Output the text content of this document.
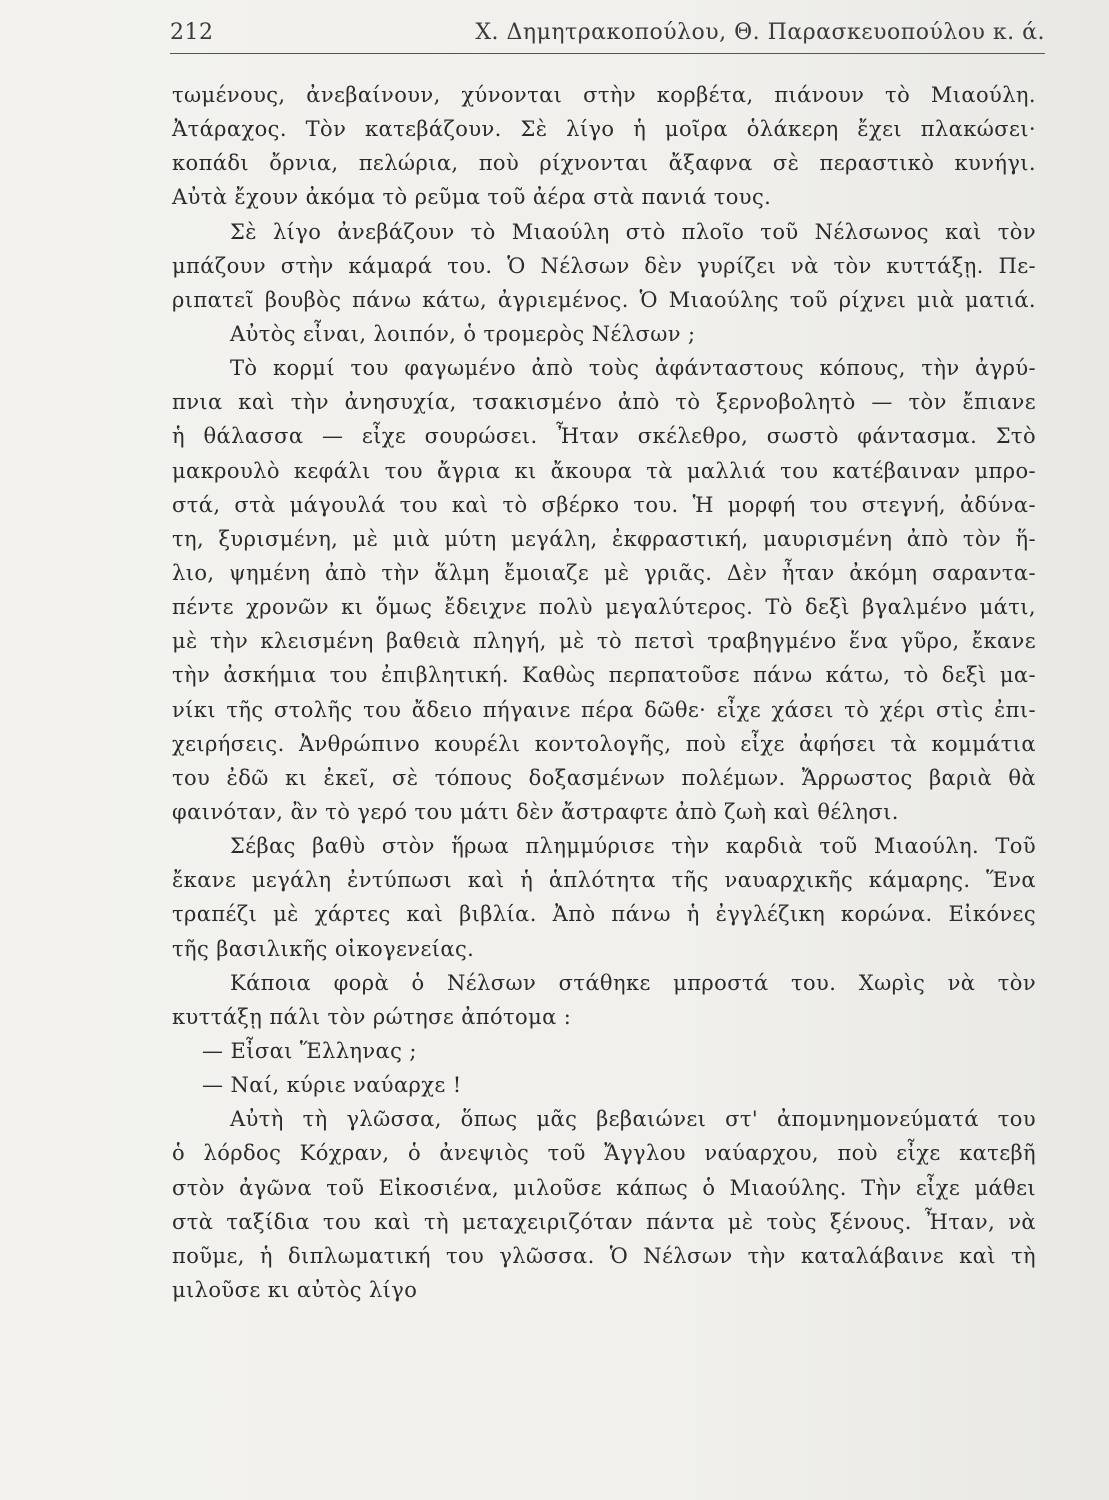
212	Χ. Δημητρακοπούλου, Θ. Παρασκευοπούλου κ. ά.
τωμένους, ἀνεβαίνουν, χύνονται στὴν κορβέτα, πιάνουν τὸ Μιαούλη.
Ἀτάραχος. Τὸν κατεβάζουν. Σὲ λίγο ἡ μοῖρα ὁλάκερη ἔχει πλακώσει·
κοπάδι ὄρνια, πελώρια, ποὺ ρίχνονται ἄξαφνα σὲ περαστικὸ κυνήγι.
Αὐτὰ ἔχουν ἀκόμα τὸ ρεῦμα τοῦ ἀέρα στὰ πανιά τους.
Σὲ λίγο ἀνεβάζουν τὸ Μιαούλη στὸ πλοῖο τοῦ Νέλσωνος καὶ τὸν
μπάζουν στὴν κάμαρά του. Ὁ Νέλσων δὲν γυρίζει νὰ τὸν κυττάξῃ. Πε-
ριπατεῖ βουβὸς πάνω κάτω, ἀγριεμένος. Ὁ Μιαούλης τοῦ ρίχνει μιὰ ματιά.
Αὐτὸς εἶναι, λοιπόν, ὁ τρομερὸς Νέλσων ;
Τὸ κορμί του φαγωμένο ἀπὸ τοὺς ἀφάνταστους κόπους, τὴν ἀγρύ-
πνια καὶ τὴν ἀνησυχία, τσακισμένο ἀπὸ τὸ ξερνοβολητὸ — τὸν ἔπιανε
ἡ θάλασσα — εἶχε σουρώσει. Ἦταν σκέλεθρο, σωστὸ φάντασμα. Στὸ
μακρουλὸ κεφάλι του ἄγρια κι ἄκουρα τὰ μαλλιά του κατέβαιναν μπρο-
στά, στὰ μάγουλά του καὶ τὸ σβέρκο του. Ἡ μορφή του στεγνή, ἀδύνα-
τη, ξυρισμένη, μὲ μιὰ μύτη μεγάλη, ἐκφραστική, μαυρισμένη ἀπὸ τὸν ἥ-
λιο, ψημένη ἀπὸ τὴν ἅλμη ἔμοιαζε μὲ γριᾶς. Δὲν ἦταν ἀκόμη σαραντα-
πέντε χρονῶν κι ὅμως ἔδειχνε πολὺ μεγαλύτερος. Τὸ δεξὶ βγαλμένο μάτι,
μὲ τὴν κλεισμένη βαθειὰ πληγή, μὲ τὸ πετσὶ τραβηγμένο ἕνα γῦρο, ἔκανε
τὴν ἀσκήμια του ἐπιβλητική. Καθὼς περπατοῦσε πάνω κάτω, τὸ δεξὶ μα-
νίκι τῆς στολῆς του ἄδειο πήγαινε πέρα δῶθε· εἶχε χάσει τὸ χέρι στὶς ἐπι-
χειρήσεις. Ἀνθρώπινο κουρέλι κοντολογῆς, ποὺ εἶχε ἀφήσει τὰ κομμάτια
του ἐδῶ κι ἐκεῖ, σὲ τόπους δοξασμένων πολέμων. Ἄρρωστος βαριὰ θὰ
φαινόταν, ἂν τὸ γερό του μάτι δὲν ἄστραφτε ἀπὸ ζωὴ καὶ θέλησι.
Σέβας βαθὺ στὸν ἥρωα πλημμύρισε τὴν καρδιὰ τοῦ Μιαούλη. Τοῦ
ἔκανε μεγάλη ἐντύπωσι καὶ ἡ ἁπλότητα τῆς ναυαρχικῆς κάμαρης. Ἕνα
τραπέζι μὲ χάρτες καὶ βιβλία. Ἀπὸ πάνω ἡ ἐγγλέζικη κορώνα. Εἰκόνες
τῆς βασιλικῆς οἰκογενείας.
Κάποια φορὰ ὁ Νέλσων στάθηκε μπροστά του. Χωρὶς νὰ τὸν
κυττάξῃ πάλι τὸν ρώτησε ἀπότομα :
— Εἶσαι Ἕλληνας ;
— Ναί, κύριε ναύαρχε !
Αὐτὴ τὴ γλῶσσα, ὅπως μᾶς βεβαιώνει στ' ἀπομνημονεύματά του
ὁ λόρδος Κόχραν, ὁ ἀνεψιὸς τοῦ Ἄγγλου ναύαρχου, ποὺ εἶχε κατεβῆ
στὸν ἀγῶνα τοῦ Εἰκοσιένα, μιλοῦσε κάπως ὁ Μιαούλης. Τὴν εἶχε μάθει
στὰ ταξίδια του καὶ τὴ μεταχειριζόταν πάντα μὲ τοὺς ξένους. Ἦταν, νὰ
ποῦμε, ἡ διπλωματική του γλῶσσα. Ὁ Νέλσων τὴν καταλάβαινε καὶ τὴ
μιλοῦσε κι αὐτὸς λίγο
